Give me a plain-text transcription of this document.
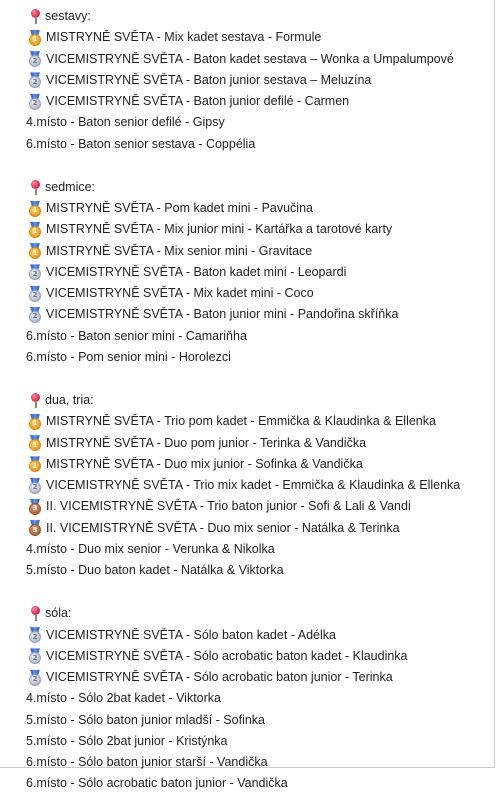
sestavy:
1 MISTRYNĚ SVĚTA - Mix kadet sestava - Formule
2 VICEMISTRYNĚ SVĚTA - Baton kadet sestava – Wonka a Umpalumpové
2 VICEMISTRYNĚ SVĚTA - Baton junior sestava – Meluzína
2 VICEMISTRYNĚ SVĚTA - Baton junior defilé - Carmen
4.místo - Baton senior defilé - Gipsy
6.místo - Baton senior sestava - Coppélia
sedmice:
1 MISTRYNĚ SVĚTA - Pom kadet mini - Pavučina
1 MISTRYNĚ SVĚTA - Mix junior mini - Kartářka a tarotové karty
1 MISTRYNĚ SVĚTA - Mix senior mini - Gravitace
2 VICEMISTRYNĚ SVĚTA - Baton kadet mini - Leopardi
2 VICEMISTRYNĚ SVĚTA - Mix kadet mini - Coco
2 VICEMISTRYNĚ SVĚTA - Baton junior mini - Pandořina skříňka
6.místo - Baton senior mini - Camariňha
6.místo - Pom senior mini - Horolezci
dua, tria:
1 MISTRYNĚ SVĚTA - Trio pom kadet - Emmička & Klaudinka & Ellenka
1 MISTRYNĚ SVĚTA - Duo pom junior - Terinka & Vandička
1 MISTRYNĚ SVĚTA - Duo mix junior - Sofinka & Vandička
2 VICEMISTRYNĚ SVĚTA - Trio mix kadet - Emmička & Klaudinka & Ellenka
3 II. VICEMISTRYNĚ SVĚTA - Trio baton junior - Sofi & Lali & Vandi
3 II. VICEMISTRYNĚ SVĚTA - Duo mix senior - Natálka & Terinka
4.místo - Duo mix senior - Verunka & Nikolka
5.místo - Duo baton kadet - Natálka & Viktorka
sóla:
2 VICEMISTRYNĚ SVĚTA - Sólo baton kadet - Adélka
2 VICEMISTRYNĚ SVĚTA - Sólo acrobatic baton kadet - Klaudinka
2 VICEMISTRYNĚ SVĚTA - Sólo acrobatic baton junior - Terinka
4.místo - Sólo 2bat kadet - Viktorka
5.místo - Sólo baton junior mladší - Sofinka
5.místo - Sólo 2bat junior - Kristýnka
6.místo - Sólo baton junior starší - Vandička
6.místo - Sólo acrobatic baton junior - Vandička
